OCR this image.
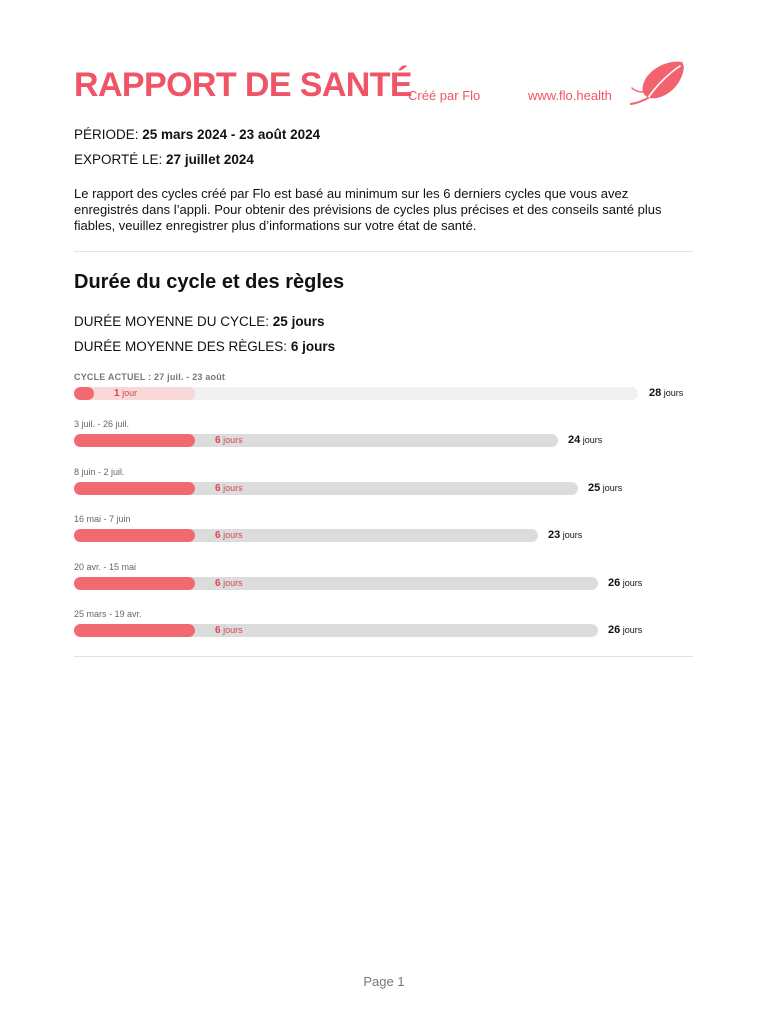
RAPPORT DE SANTÉ
Créé par Flo	www.flo.health
PÉRIODE: 25 mars 2024 - 23 août 2024
EXPORTÉ LE: 27 juillet 2024
Le rapport des cycles créé par Flo est basé au minimum sur les 6 derniers cycles que vous avez enregistrés dans l’appli. Pour obtenir des prévisions de cycles plus précises et des conseils santé plus fiables, veuillez enregistrer plus d’informations sur votre état de santé.
Durée du cycle et des règles
DURÉE MOYENNE DU CYCLE: 25 jours
DURÉE MOYENNE DES RÈGLES: 6 jours
CYCLE ACTUEL : 27 juil. - 23 août
1 jour	28 jours
3 juil. - 26 juil.
6 jours	24 jours
8 juin - 2 juil.
6 jours	25 jours
16 mai - 7 juin
6 jours	23 jours
20 avr. - 15 mai
6 jours	26 jours
25 mars - 19 avr.
6 jours	26 jours
Page 1
